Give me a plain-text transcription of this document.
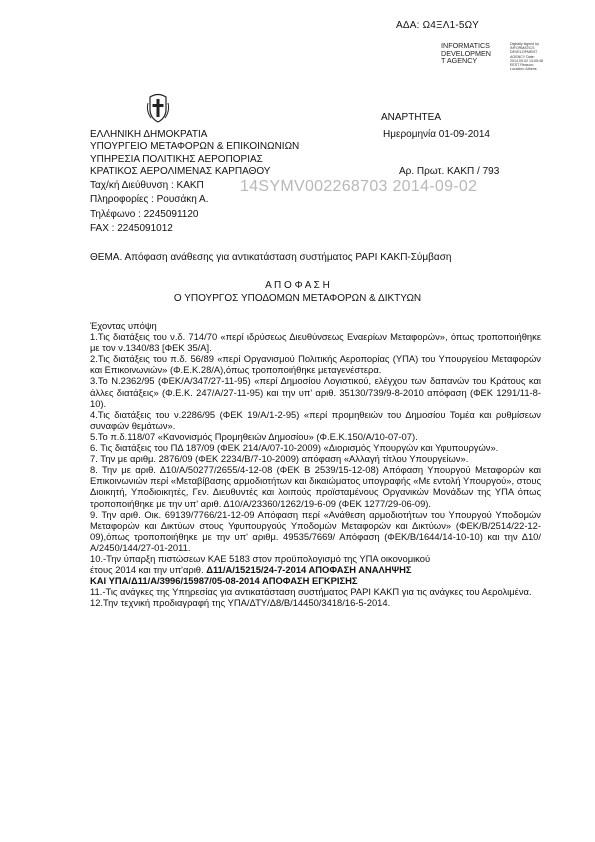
ΑΔΑ: Ω4ΞΛ1-5ΩΥ
INFORMATICS
DEVELOPMEN
T AGENCY
Digitally signed by INFORMATICS DEVELOPMENT AGENCY Date: 2014.09.02 13:05:48 EEST Reason: Location: Athens
ΑΝΑΡΤΗΤΕΑ
Ημερομηνία 01-09-2014
Αρ. Πρωτ. ΚΑΚΠ / 793
ΕΛΛΗΝΙΚΗ ΔΗΜΟΚΡΑΤΙΑ
ΥΠΟΥΡΓΕΙΟ ΜΕΤΑΦΟΡΩΝ & ΕΠΙΚΟΙΝΩΝΙΩΝ
ΥΠΗΡΕΣΙΑ ΠΟΛΙΤΙΚΗΣ ΑΕΡΟΠΟΡΙΑΣ
ΚΡΑΤΙΚΟΣ ΑΕΡΟΛΙΜΕΝΑΣ ΚΑΡΠΑΘΟΥ
Ταχ/κή Διεύθυνση : ΚΑΚΠ
Πληροφορίες : Ρουσάκη Α.
Τηλέφωνο : 2245091120
FAX : 2245091012
14SYMV002268703 2014-09-02
ΘΕΜΑ. Απόφαση ανάθεσης για αντικατάσταση συστήματος PAPI ΚΑΚΠ-Σύμβαση
Α Π Ο Φ Α Σ Η
Ο ΥΠΟΥΡΓΟΣ ΥΠΟΔΟΜΩΝ ΜΕΤΑΦΟΡΩΝ & ΔΙΚΤΥΩΝ

Έχοντας υπόψη

1.Τις διατάξεις του ν.δ. 714/70 «περί ιδρύσεως Διευθύνσεως Εναερίων Μεταφορών», όπως τροποποιήθηκε με τον ν.1340/83 [ΦΕΚ 35/Α].

2.Τις διατάξεις του π.δ. 56/89 «περί Οργανισμού Πολιτικής Αεροπορίας (ΥΠΑ) του Υπουργείου Μεταφορών και Επικοινωνιών» (Φ.Ε.Κ.28/Α),όπως τροποποιήθηκε μεταγενέστερα.

3.Το Ν.2362/95 (ΦΕΚ/Α/347/27-11-95) «περί Δημοσίου Λογιστικού, ελέγχου των δαπανών του Κράτους και άλλες διατάξεις» (Φ.Ε.Κ. 247/Α/27-11-95) και την υπ' αριθ. 35130/739/9-8-2010 απόφαση (ΦΕΚ 1291/11-8-10).

4.Τις διατάξεις του ν.2286/95 (ΦΕΚ 19/Α/1-2-95) «περί προμηθειών του Δημοσίου Τομέα και ρυθμίσεων συναφών θεμάτων».

5.Το π.δ.118/07 «Κανονισμός Προμηθειών Δημοσίου» (Φ.Ε.Κ.150/Α/10-07-07).

6. Τις διατάξεις του ΠΔ 187/09 (ΦΕΚ 214/Α/07-10-2009) «Διορισμός Υπουργών και Υφυπουργών».

7. Την με αριθμ. 2876/09 (ΦΕΚ 2234/Β/7-10-2009) απόφαση «Αλλαγή τίτλου Υπουργείων».

8. Την με αριθ. Δ10/Α/50277/2655/4-12-08 (ΦΕΚ Β 2539/15-12-08) Απόφαση Υπουργού Μεταφορών και Επικοινωνιών περί «Μεταβίβασης αρμοδιοτήτων και δικαιώματος υπογραφής «Με εντολή Υπουργού», στους Διοικητή, Υποδιοικητές, Γεν. Διευθυντές και λοιπούς προϊσταμένους Οργανικών Μονάδων της ΥΠΑ όπως τροποποιήθηκε με την υπ' αριθ. Δ10/Α/23360/1262/19-6-09 (ΦΕΚ 1277/29-06-09).

9. Την αριθ. Οικ. 69139/7766/21-12-09 Απόφαση περί «Ανάθεση αρμοδιοτήτων του Υπουργού Υποδομών Μεταφορών και Δικτύων στους Υφυπουργούς Υποδομών Μεταφορών και Δικτύων» (ΦΕΚ/Β/2514/22-12-09),όπως τροποποιήθηκε με την υπ' αριθμ. 49535/7669/ Απόφαση (ΦΕΚ/Β/1644/14-10-10) και την Δ10/Α/2450/144/27-01-2011.

10.-Την ύπαρξη πιστώσεων ΚΑΕ 5183 στον προϋπολογισμό της ΥΠΑ οικονομικού
έτους 2014 και την υπ'αριθ. Δ11/Α/15215/24-7-2014 ΑΠΟΦΑΣΗ ΑΝΑΛΗΨΗΣ
ΚΑΙ ΥΠΑ/Δ11/Α/3996/15987/05-08-2014 ΑΠΟΦΑΣΗ ΕΓΚΡΙΣΗΣ

11.-Τις ανάγκες της Υπηρεσίας για αντικατάσταση συστήματος PAPI ΚΑΚΠ για τις ανάγκες του Αερολιμένα.

12.Την τεχνική προδιαγραφή της ΥΠΑ/ΔΤΥ/Δ8/Β/14450/3418/16-5-2014.
